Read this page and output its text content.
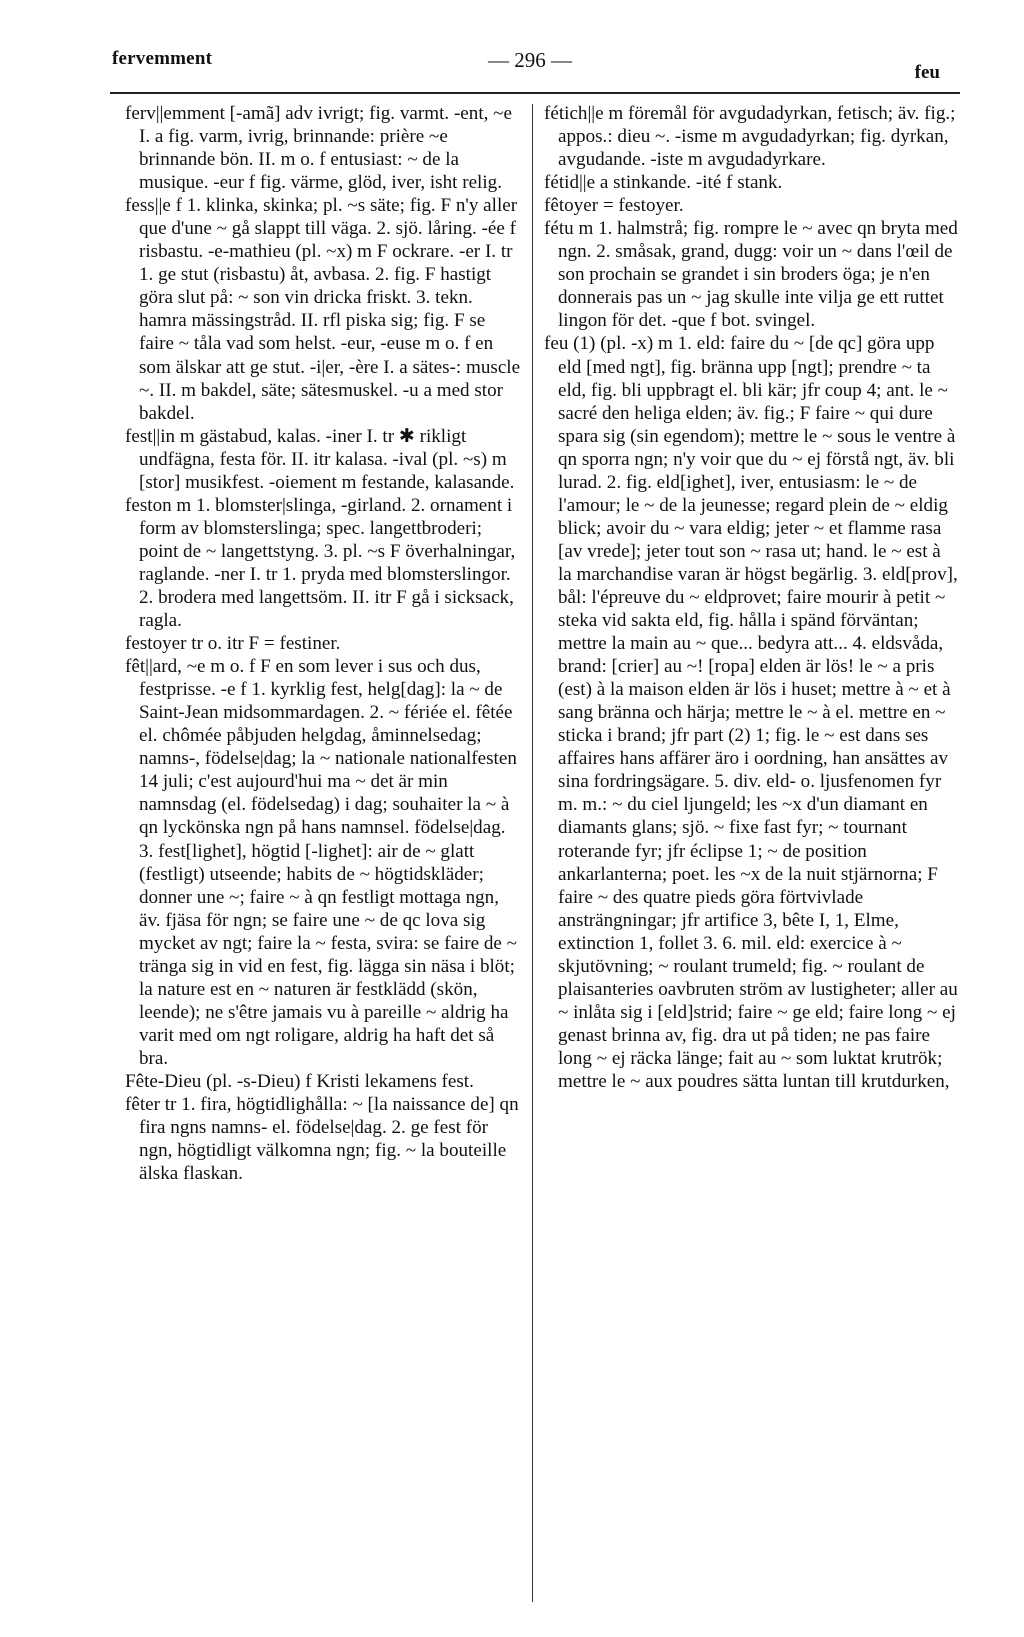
fervemment	— 296 —
feu

ferv||emment [-amã] adv ivrigt; fig. varmt. -ent, ~e I. a fig. varm, ivrig, brinnande: prière ~e brinnande bön. II. m o. f entusiast: ~ de la musique. -eur f fig. värme, glöd, iver, isht relig.

fess||e f 1. klinka, skinka; pl. ~s säte; fig. F n'y aller que d'une ~ gå slappt till väga. 2. sjö. låring. -ée f risbastu. -e-mathieu (pl. ~x) m F ockrare. -er I. tr 1. ge stut (risbastu) åt, avbasa. 2. fig. F hastigt göra slut på: ~ son vin dricka friskt. 3. tekn. hamra mässingstråd. II. rfl piska sig; fig. F se faire ~ tåla vad som helst. -eur, -euse m o. f en som älskar att ge stut. -i|er, -ère I. a sätes-: muscle ~. II. m bakdel, säte; sätesmuskel. -u a med stor bakdel.

fest||in m gästabud, kalas. -iner I. tr ✱ rikligt undfägna, festa för. II. itr kalasa. -ival (pl. ~s) m [stor] musikfest. -oiement m festande, kalasande.

feston m 1. blomster|slinga, -girland. 2. ornament i form av blomsterslinga; spec. langettbroderi; point de ~ langettstyng. 3. pl. ~s F överhalningar, raglande. -ner I. tr 1. pryda med blomsterslingor. 2. brodera med langettsöm. II. itr F gå i sicksack, ragla.

festoyer tr o. itr F = festiner.

fêt||ard, ~e m o. f F en som lever i sus och dus, festprisse. -e f 1. kyrklig fest, helg[dag]: la ~ de Saint-Jean midsommardagen. 2. ~ fériée el. fêtée el. chômée påbjuden helgdag, åminnelsedag; namns-, födelse|dag; la ~ nationale nationalfesten 14 juli; c'est aujourd'hui ma ~ det är min namnsdag (el. födelsedag) i dag; souhaiter la ~ à qn lyckönska ngn på hans namnsel. födelse|dag. 3. fest[lighet], högtid [-lighet]: air de ~ glatt (festligt) utseende; habits de ~ högtidskläder; donner une ~; faire ~ à qn festligt mottaga ngn, äv. fjäsa för ngn; se faire une ~ de qc lova sig mycket av ngt; faire la ~ festa, svira: se faire de ~ tränga sig in vid en fest, fig. lägga sin näsa i blöt; la nature est en ~ naturen är festklädd (skön, leende); ne s'être jamais vu à pareille ~ aldrig ha varit med om ngt roligare, aldrig ha haft det så bra.

Fête-Dieu (pl. -s-Dieu) f Kristi lekamens fest.

fêter tr 1. fira, högtidlighålla: ~ [la naissance de] qn fira ngns namns- el. födelse|dag. 2. ge fest för ngn, högtidligt välkomna ngn; fig. ~ la bouteille älska flaskan.

fétich||e m föremål för avgudadyrkan, fetisch; äv. fig.; appos.: dieu ~. -isme m avgudadyrkan; fig. dyrkan, avgudande. -iste m avgudadyrkare.

fétid||e a stinkande. -ité f stank.

fêtoyer = festoyer.

fétu m 1. halmstrå; fig. rompre le ~ avec qn bryta med ngn. 2. småsak, grand, dugg: voir un ~ dans l'œil de son prochain se grandet i sin broders öga; je n'en donnerais pas un ~ jag skulle inte vilja ge ett ruttet lingon för det. -que f bot. svingel.

feu (1) (pl. -x) m 1. eld: faire du ~ [de qc] göra upp eld [med ngt], fig. bränna upp [ngt]; prendre ~ ta eld, fig. bli uppbragt el. bli kär; jfr coup 4; ant. le ~ sacré den heliga elden; äv. fig.; F faire ~ qui dure spara sig (sin egendom); mettre le ~ sous le ventre à qn sporra ngn; n'y voir que du ~ ej förstå ngt, äv. bli lurad. 2. fig. eld[ighet], iver, entusiasm: le ~ de l'amour; le ~ de la jeunesse; regard plein de ~ eldig blick; avoir du ~ vara eldig; jeter ~ et flamme rasa [av vrede]; jeter tout son ~ rasa ut; hand. le ~ est à la marchandise varan är högst begärlig. 3. eld[prov], bål: l'épreuve du ~ eldprovet; faire mourir à petit ~ steka vid sakta eld, fig. hålla i spänd förväntan; mettre la main au ~ que... bedyra att... 4. eldsvåda, brand: [crier] au ~! [ropa] elden är lös! le ~ a pris (est) à la maison elden är lös i huset; mettre à ~ et à sang bränna och härja; mettre le ~ à el. mettre en ~ sticka i brand; jfr part (2) 1; fig. le ~ est dans ses affaires hans affärer äro i oordning, han ansättes av sina fordringsägare. 5. div. eld- o. ljusfenomen fyr m. m.: ~ du ciel ljungeld; les ~x d'un diamant en diamants glans; sjö. ~ fixe fast fyr; ~ tournant roterande fyr; jfr éclipse 1; ~ de position ankarlanterna; poet. les ~x de la nuit stjärnorna; F faire ~ des quatre pieds göra förtvivlade ansträngningar; jfr artifice 3, bête I, 1, Elme, extinction 1, follet 3. 6. mil. eld: exercice à ~ skjutövning; ~ roulant trumeld; fig. ~ roulant de plaisanteries oavbruten ström av lustigheter; aller au ~ inlåta sig i [eld]strid; faire ~ ge eld; faire long ~ ej genast brinna av, fig. dra ut på tiden; ne pas faire long ~ ej räcka länge; fait au ~ som luktat krutrök; mettre le ~ aux poudres sätta luntan till krutdurken,
